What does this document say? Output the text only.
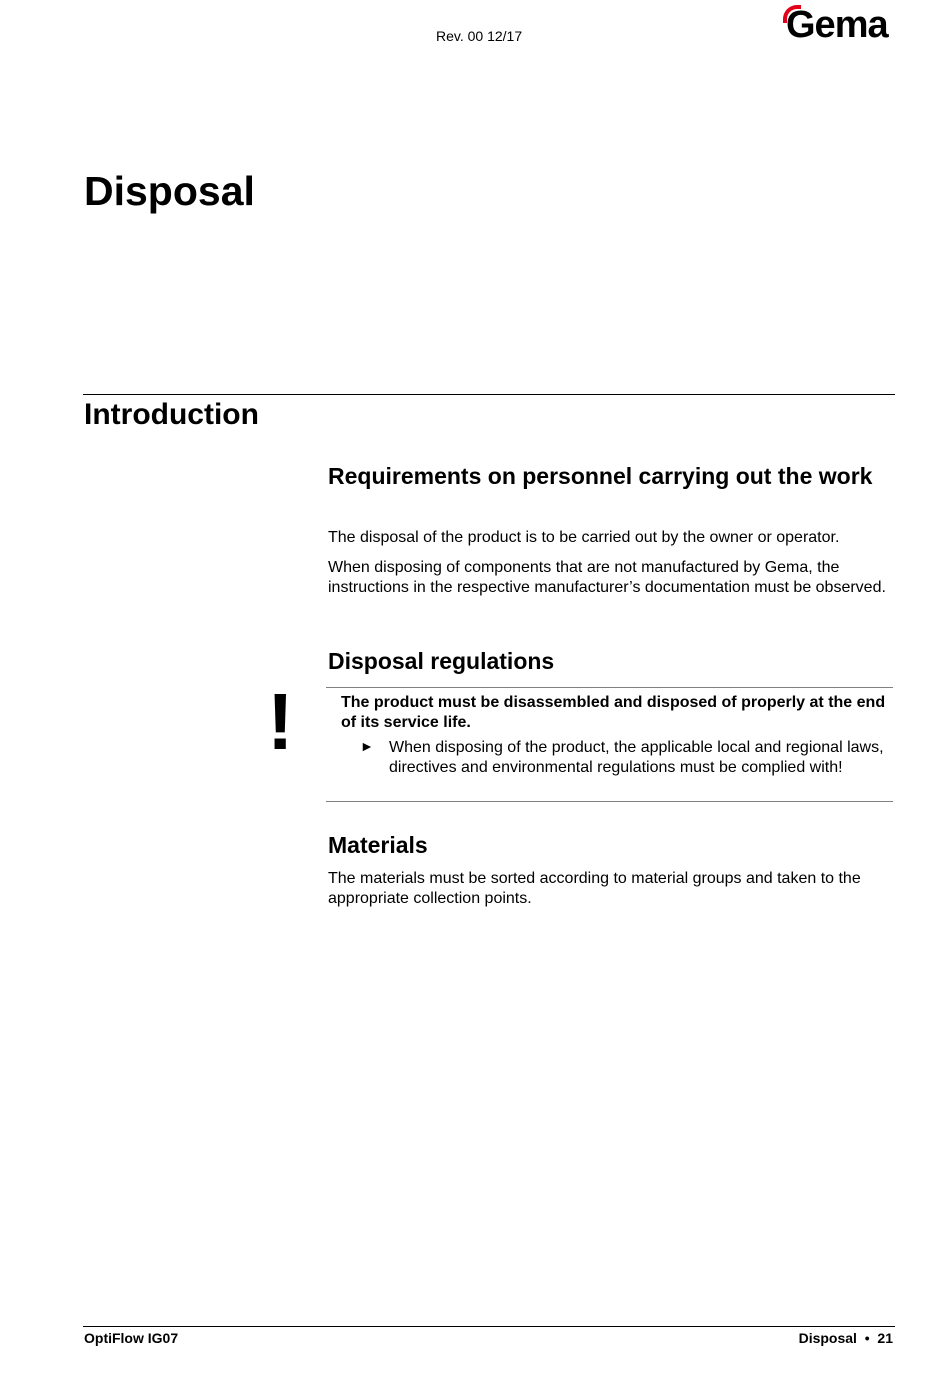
Rev. 00 12/17	Gema
Disposal
Introduction
Requirements on personnel carrying out the work

The disposal of the product is to be carried out by the owner or operator.

When disposing of components that are not manufactured by Gema, the instructions in the respective manufacturer’s documentation must be observed.

Disposal regulations
!	The product must be disassembled and disposed of properly at the end of its service life.
► When disposing of the product, the applicable local and regional laws, directives and environmental regulations must be complied with!
Materials

The materials must be sorted according to material groups and taken to the appropriate collection points.

OptiFlow IG07	Disposal • 21
